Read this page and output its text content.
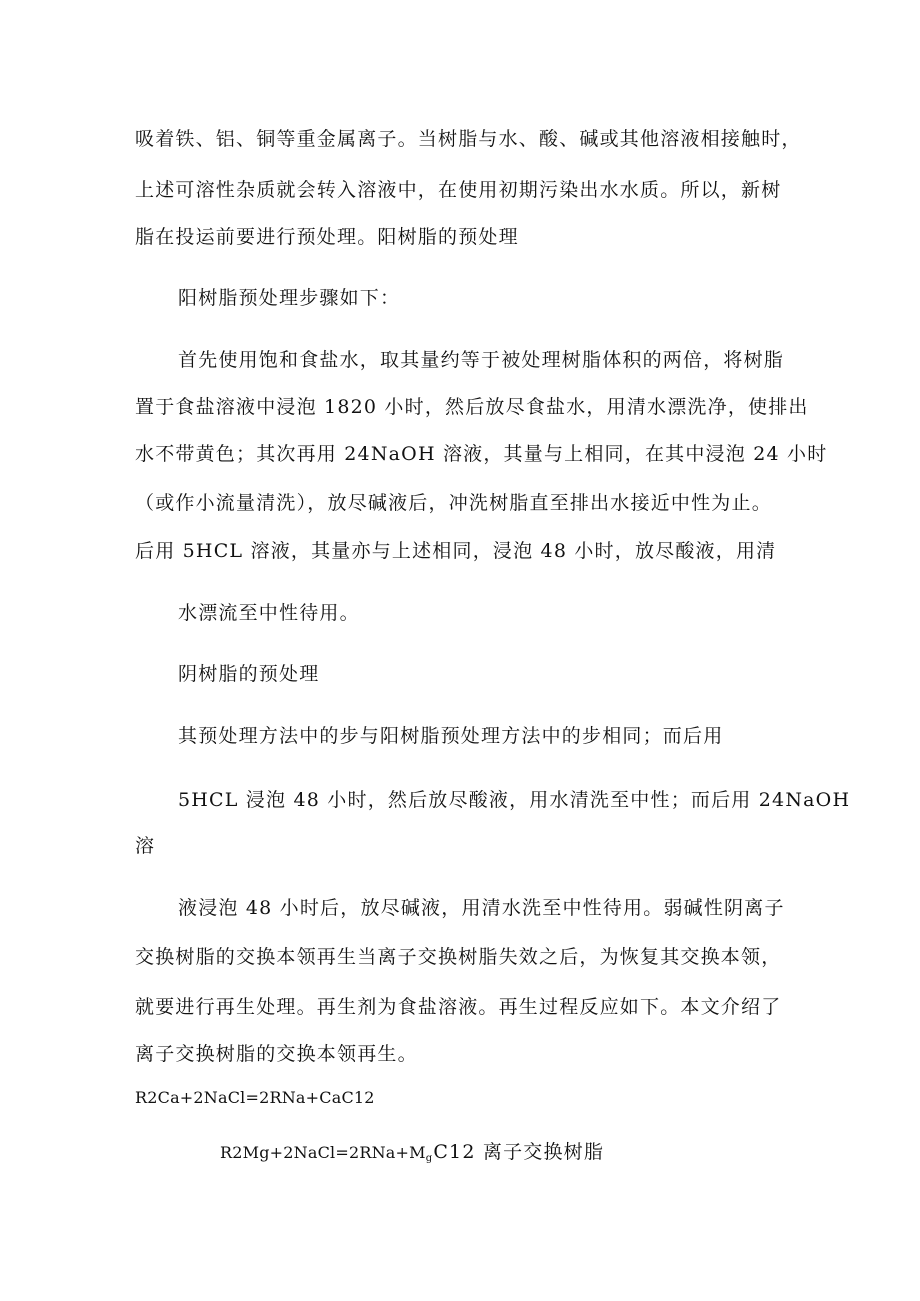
吸着铁、铝、铜等重金属离子。当树脂与水、酸、碱或其他溶液相接触时，
上述可溶性杂质就会转入溶液中，在使用初期污染出水水质。所以，新树
脂在投运前要进行预处理。阳树脂的预处理
阳树脂预处理步骤如下：
首先使用饱和食盐水，取其量约等于被处理树脂体积的两倍，将树脂
置于食盐溶液中浸泡 1820 小时，然后放尽食盐水，用清水漂洗净，使排出
水不带黄色；其次再用 24NaOH 溶液，其量与上相同，在其中浸泡 24 小时
（或作小流量清洗），放尽碱液后，冲洗树脂直至排出水接近中性为止。
后用 5HCL 溶液，其量亦与上述相同，浸泡 48 小时，放尽酸液，用清
水漂流至中性待用。
阴树脂的预处理
其预处理方法中的步与阳树脂预处理方法中的步相同；而后用
5HCL 浸泡 48 小时，然后放尽酸液，用水清洗至中性；而后用 24NaOH
溶
液浸泡 48 小时后，放尽碱液，用清水洗至中性待用。弱碱性阴离子
交换树脂的交换本领再生当离子交换树脂失效之后，为恢复其交换本领，
就要进行再生处理。再生剂为食盐溶液。再生过程反应如下。本文介绍了
离子交换树脂的交换本领再生。
R2Ca+2NaCl=2RNa+CaC12
$R2Mg+2NaCl=2RNa+M_gC12$ 离子交换树脂
